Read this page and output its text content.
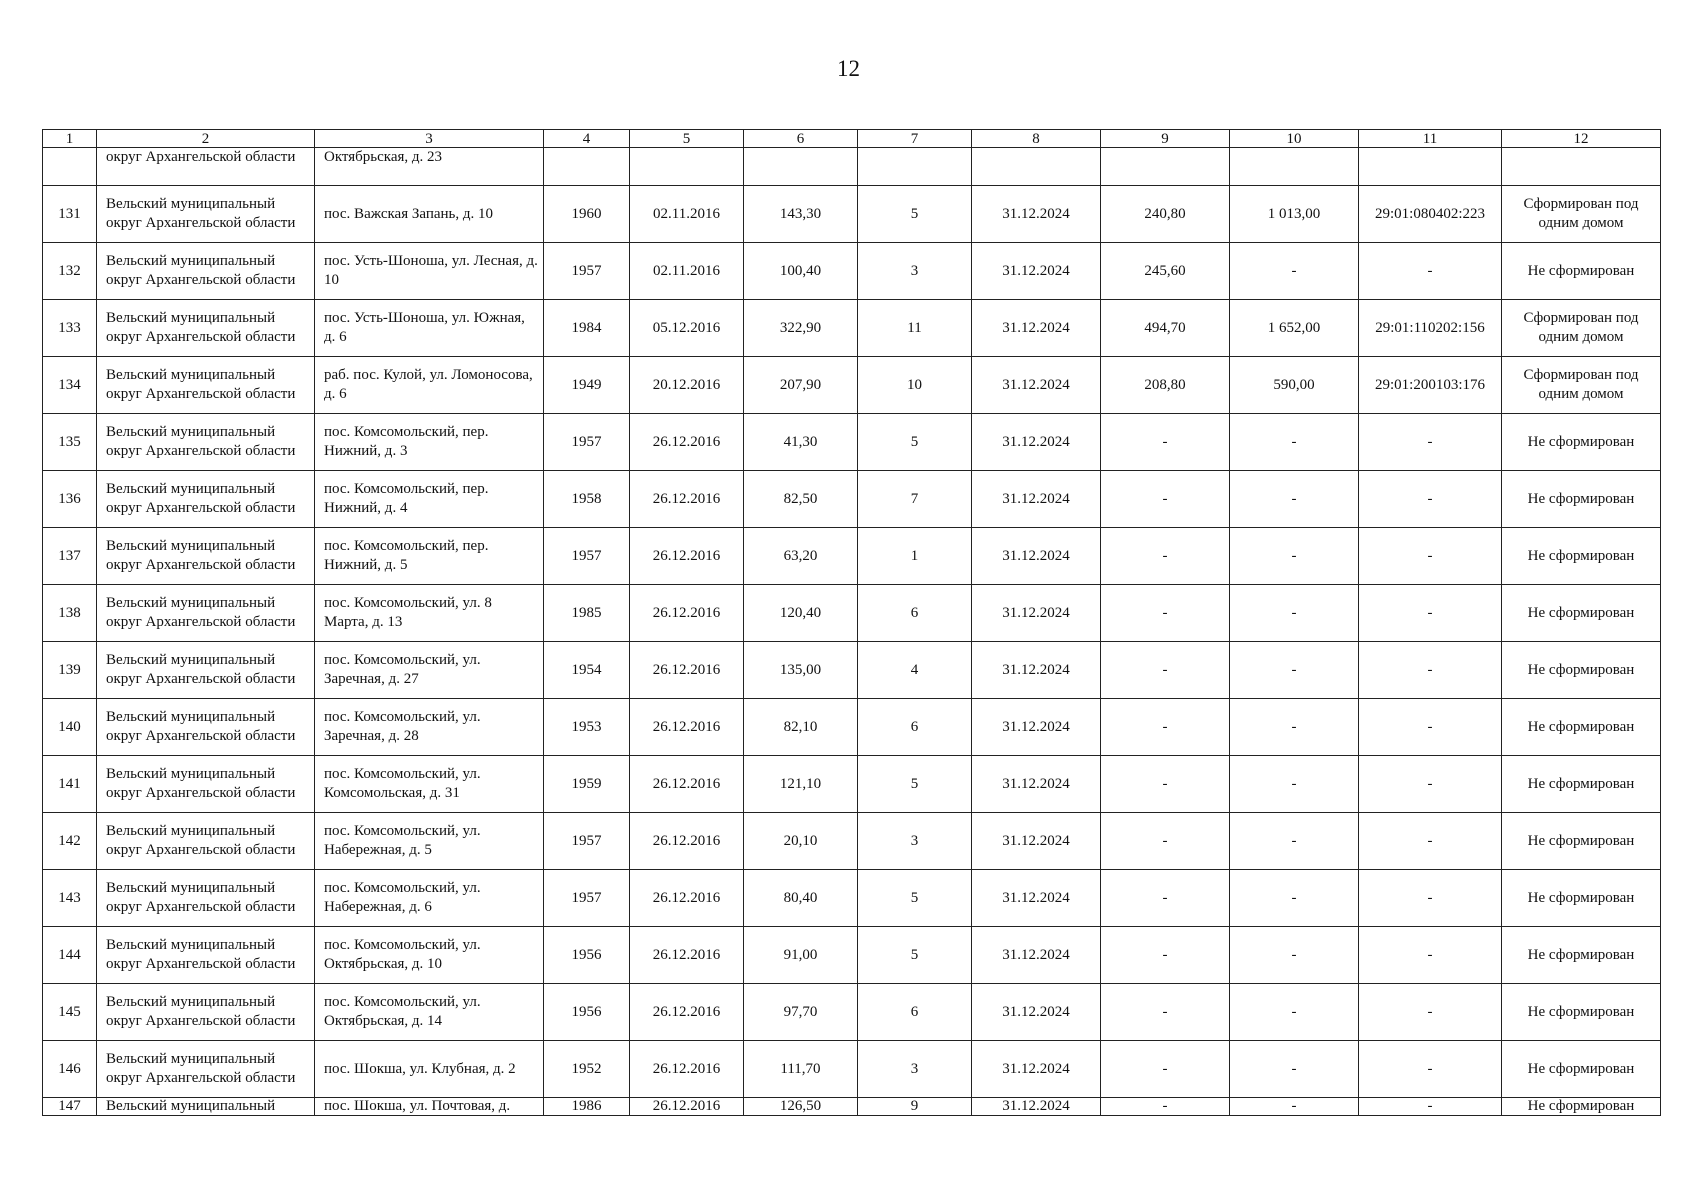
12
1	2	3	4	5	6	7	8	9	10	11	12
	округ Архангельской области	Октябрьская, д. 23									
131	Вельский муниципальный округ Архангельской области	пос. Важская Запань, д. 10	1960	02.11.2016	143,30	5	31.12.2024	240,80	1 013,00	29:01:080402:223	Сформирован под одним домом
132	Вельский муниципальный округ Архангельской области	пос. Усть-Шоноша, ул. Лесная, д. 10	1957	02.11.2016	100,40	3	31.12.2024	245,60	-	-	Не сформирован
133	Вельский муниципальный округ Архангельской области	пос. Усть-Шоноша, ул. Южная, д. 6	1984	05.12.2016	322,90	11	31.12.2024	494,70	1 652,00	29:01:110202:156	Сформирован под одним домом
134	Вельский муниципальный округ Архангельской области	раб. пос. Кулой, ул. Ломоносова, д. 6	1949	20.12.2016	207,90	10	31.12.2024	208,80	590,00	29:01:200103:176	Сформирован под одним домом
135	Вельский муниципальный округ Архангельской области	пос. Комсомольский, пер. Нижний, д. 3	1957	26.12.2016	41,30	5	31.12.2024	-	-	-	Не сформирован
136	Вельский муниципальный округ Архангельской области	пос. Комсомольский, пер. Нижний, д. 4	1958	26.12.2016	82,50	7	31.12.2024	-	-	-	Не сформирован
137	Вельский муниципальный округ Архангельской области	пос. Комсомольский, пер. Нижний, д. 5	1957	26.12.2016	63,20	1	31.12.2024	-	-	-	Не сформирован
138	Вельский муниципальный округ Архангельской области	пос. Комсомольский, ул. 8 Марта, д. 13	1985	26.12.2016	120,40	6	31.12.2024	-	-	-	Не сформирован
139	Вельский муниципальный округ Архангельской области	пос. Комсомольский, ул. Заречная, д. 27	1954	26.12.2016	135,00	4	31.12.2024	-	-	-	Не сформирован
140	Вельский муниципальный округ Архангельской области	пос. Комсомольский, ул. Заречная, д. 28	1953	26.12.2016	82,10	6	31.12.2024	-	-	-	Не сформирован
141	Вельский муниципальный округ Архангельской области	пос. Комсомольский, ул. Комсомольская, д. 31	1959	26.12.2016	121,10	5	31.12.2024	-	-	-	Не сформирован
142	Вельский муниципальный округ Архангельской области	пос. Комсомольский, ул. Набережная, д. 5	1957	26.12.2016	20,10	3	31.12.2024	-	-	-	Не сформирован
143	Вельский муниципальный округ Архангельской области	пос. Комсомольский, ул. Набережная, д. 6	1957	26.12.2016	80,40	5	31.12.2024	-	-	-	Не сформирован
144	Вельский муниципальный округ Архангельской области	пос. Комсомольский, ул. Октябрьская, д. 10	1956	26.12.2016	91,00	5	31.12.2024	-	-	-	Не сформирован
145	Вельский муниципальный округ Архангельской области	пос. Комсомольский, ул. Октябрьская, д. 14	1956	26.12.2016	97,70	6	31.12.2024	-	-	-	Не сформирован
146	Вельский муниципальный округ Архангельской области	пос. Шокша, ул. Клубная, д. 2	1952	26.12.2016	111,70	3	31.12.2024	-	-	-	Не сформирован
147	Вельский муниципальный	пос. Шокша, ул. Почтовая, д.	1986	26.12.2016	126,50	9	31.12.2024	-	-	-	Не сформирован
